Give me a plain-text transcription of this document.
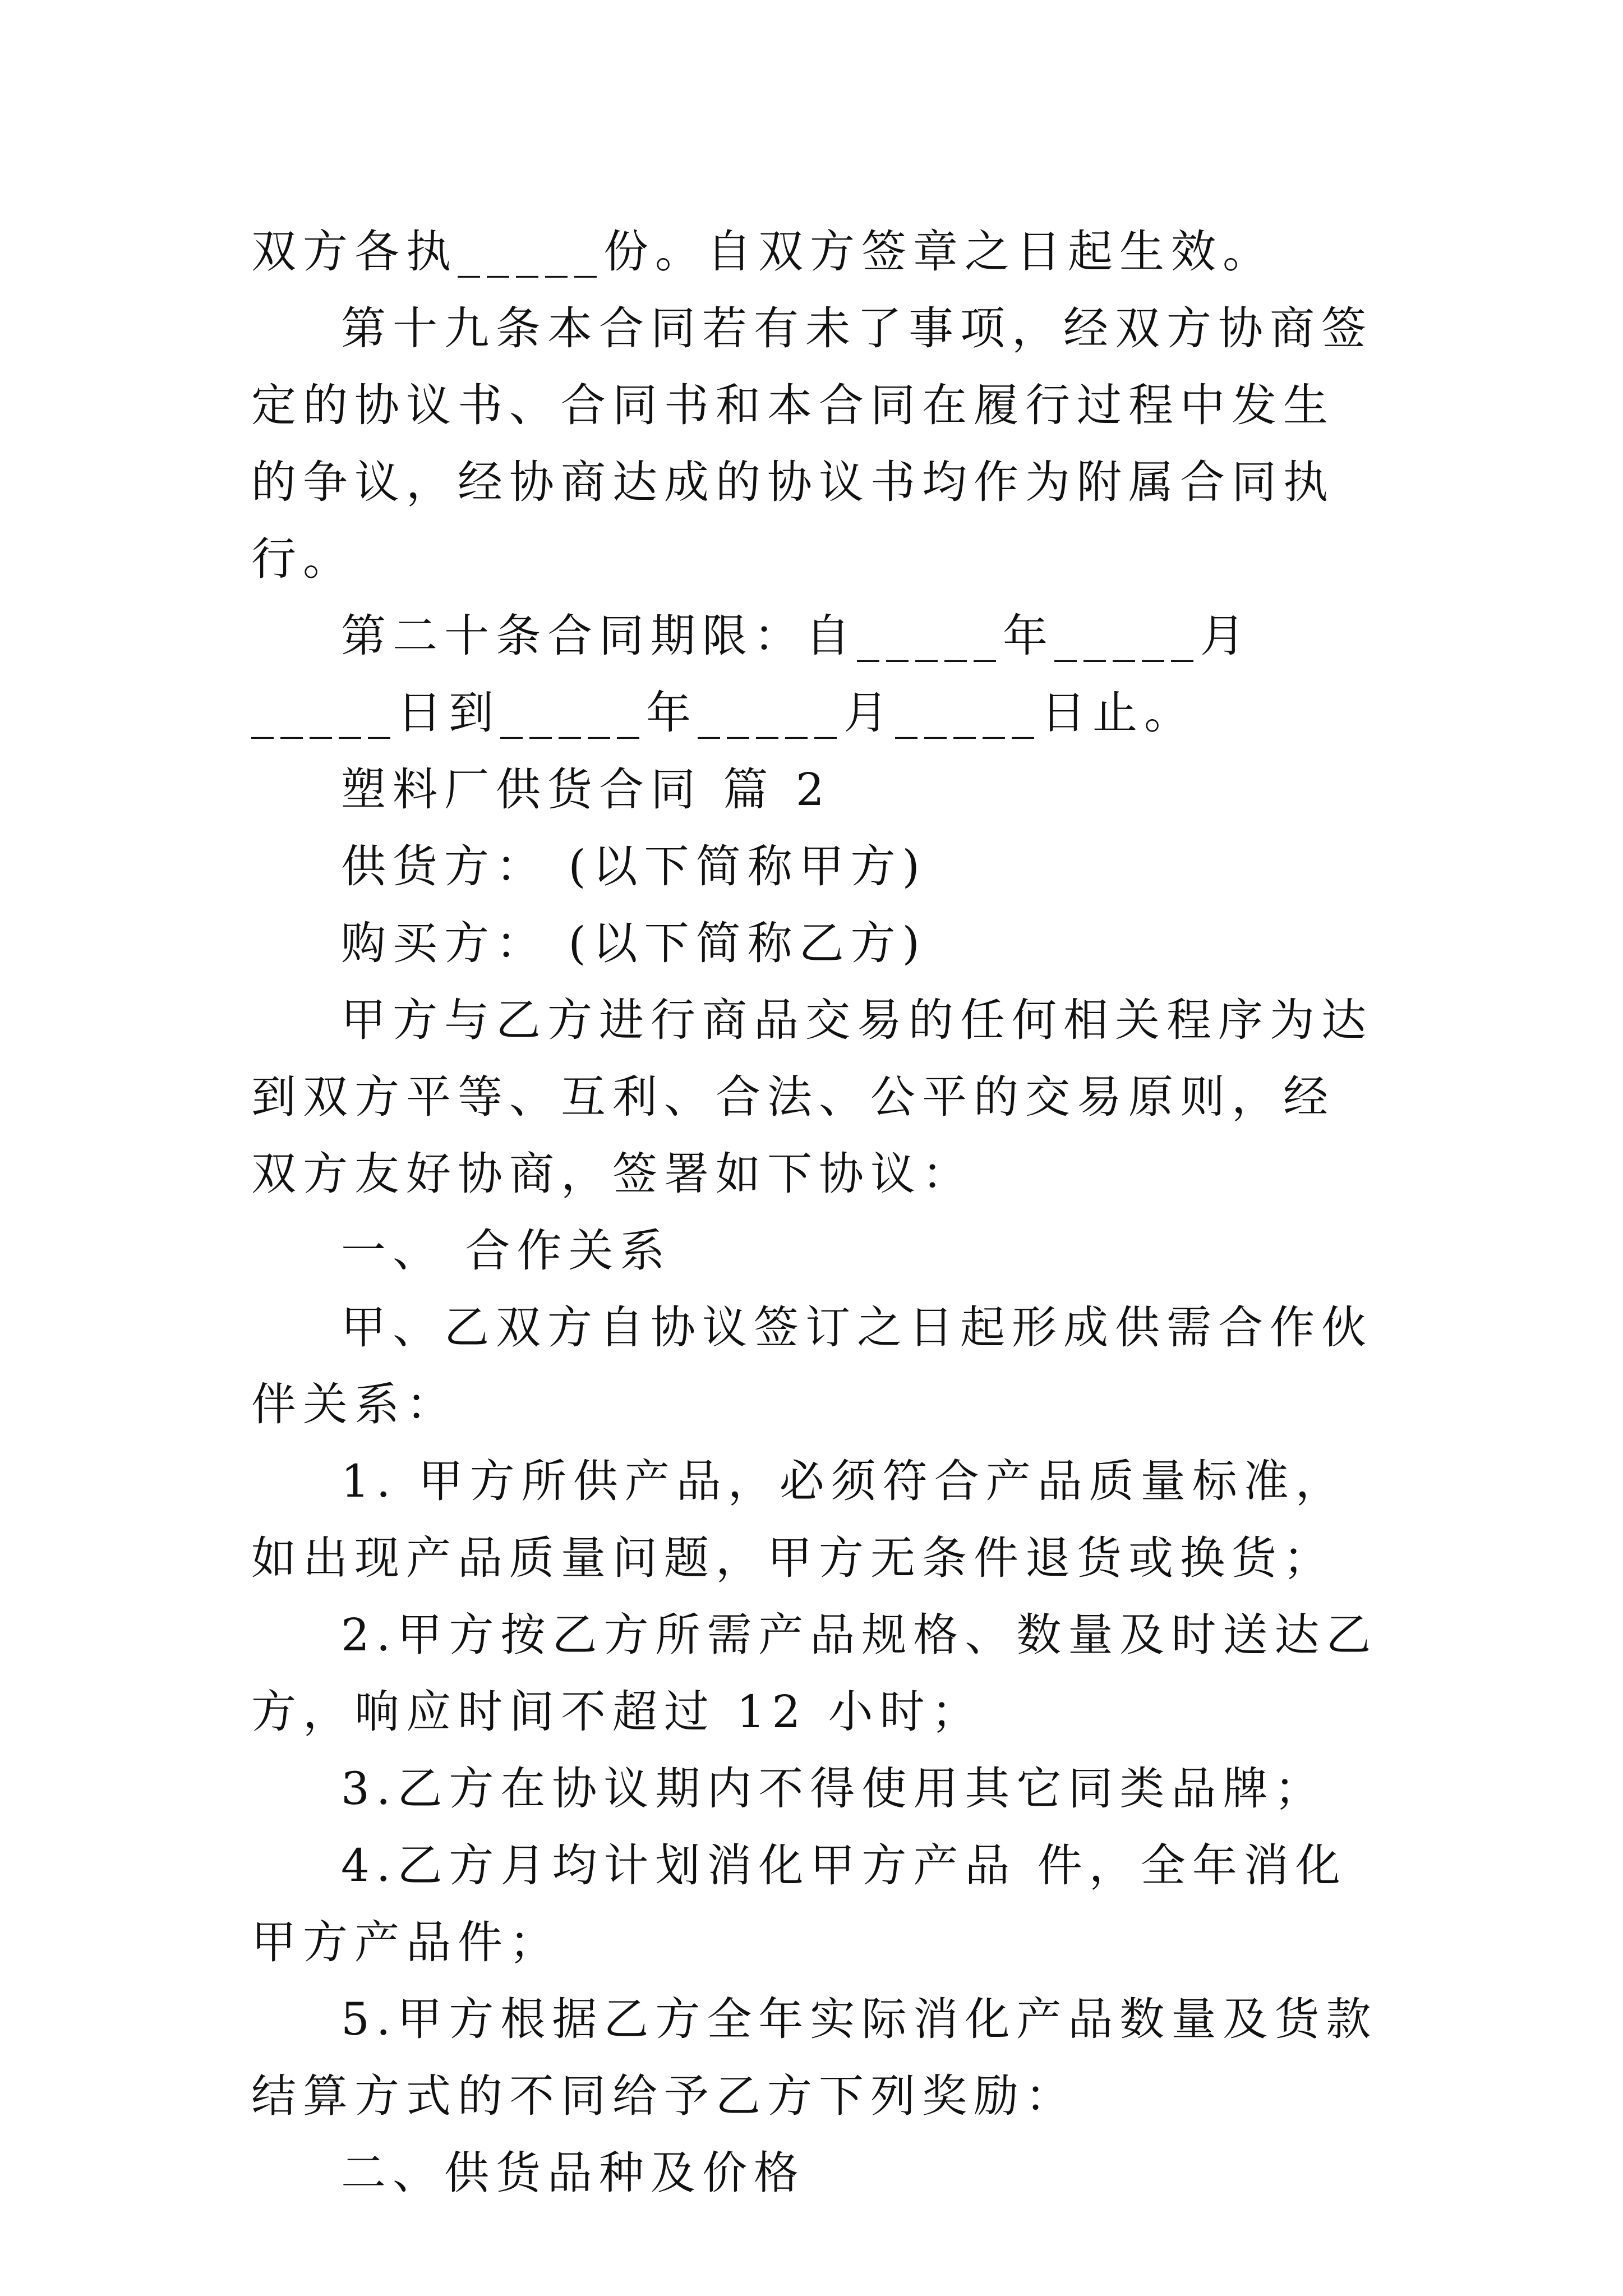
双方各执_____份。自双方签章之日起生效。

第十九条本合同若有未了事项，经双方协商签定的协议书、合同书和本合同在履行过程中发生的争议，经协商达成的协议书均作为附属合同执行。

第二十条合同期限：自_____年_____月_____日到_____年_____月_____日止。

塑料厂供货合同 篇 2

供货方： (以下简称甲方)

购买方： (以下简称乙方)

甲方与乙方进行商品交易的任何相关程序为达到双方平等、互利、合法、公平的交易原则，经双方友好协商，签署如下协议：

一、 合作关系

甲、乙双方自协议签订之日起形成供需合作伙伴关系：

1. 甲方所供产品，必须符合产品质量标准，如出现产品质量问题，甲方无条件退货或换货；

2.甲方按乙方所需产品规格、数量及时送达乙方，响应时间不超过 12 小时；

3.乙方在协议期内不得使用其它同类品牌；

4.乙方月均计划消化甲方产品 件，全年消化甲方产品件；

5.甲方根据乙方全年实际消化产品数量及货款结算方式的不同给予乙方下列奖励：

二、供货品种及价格
